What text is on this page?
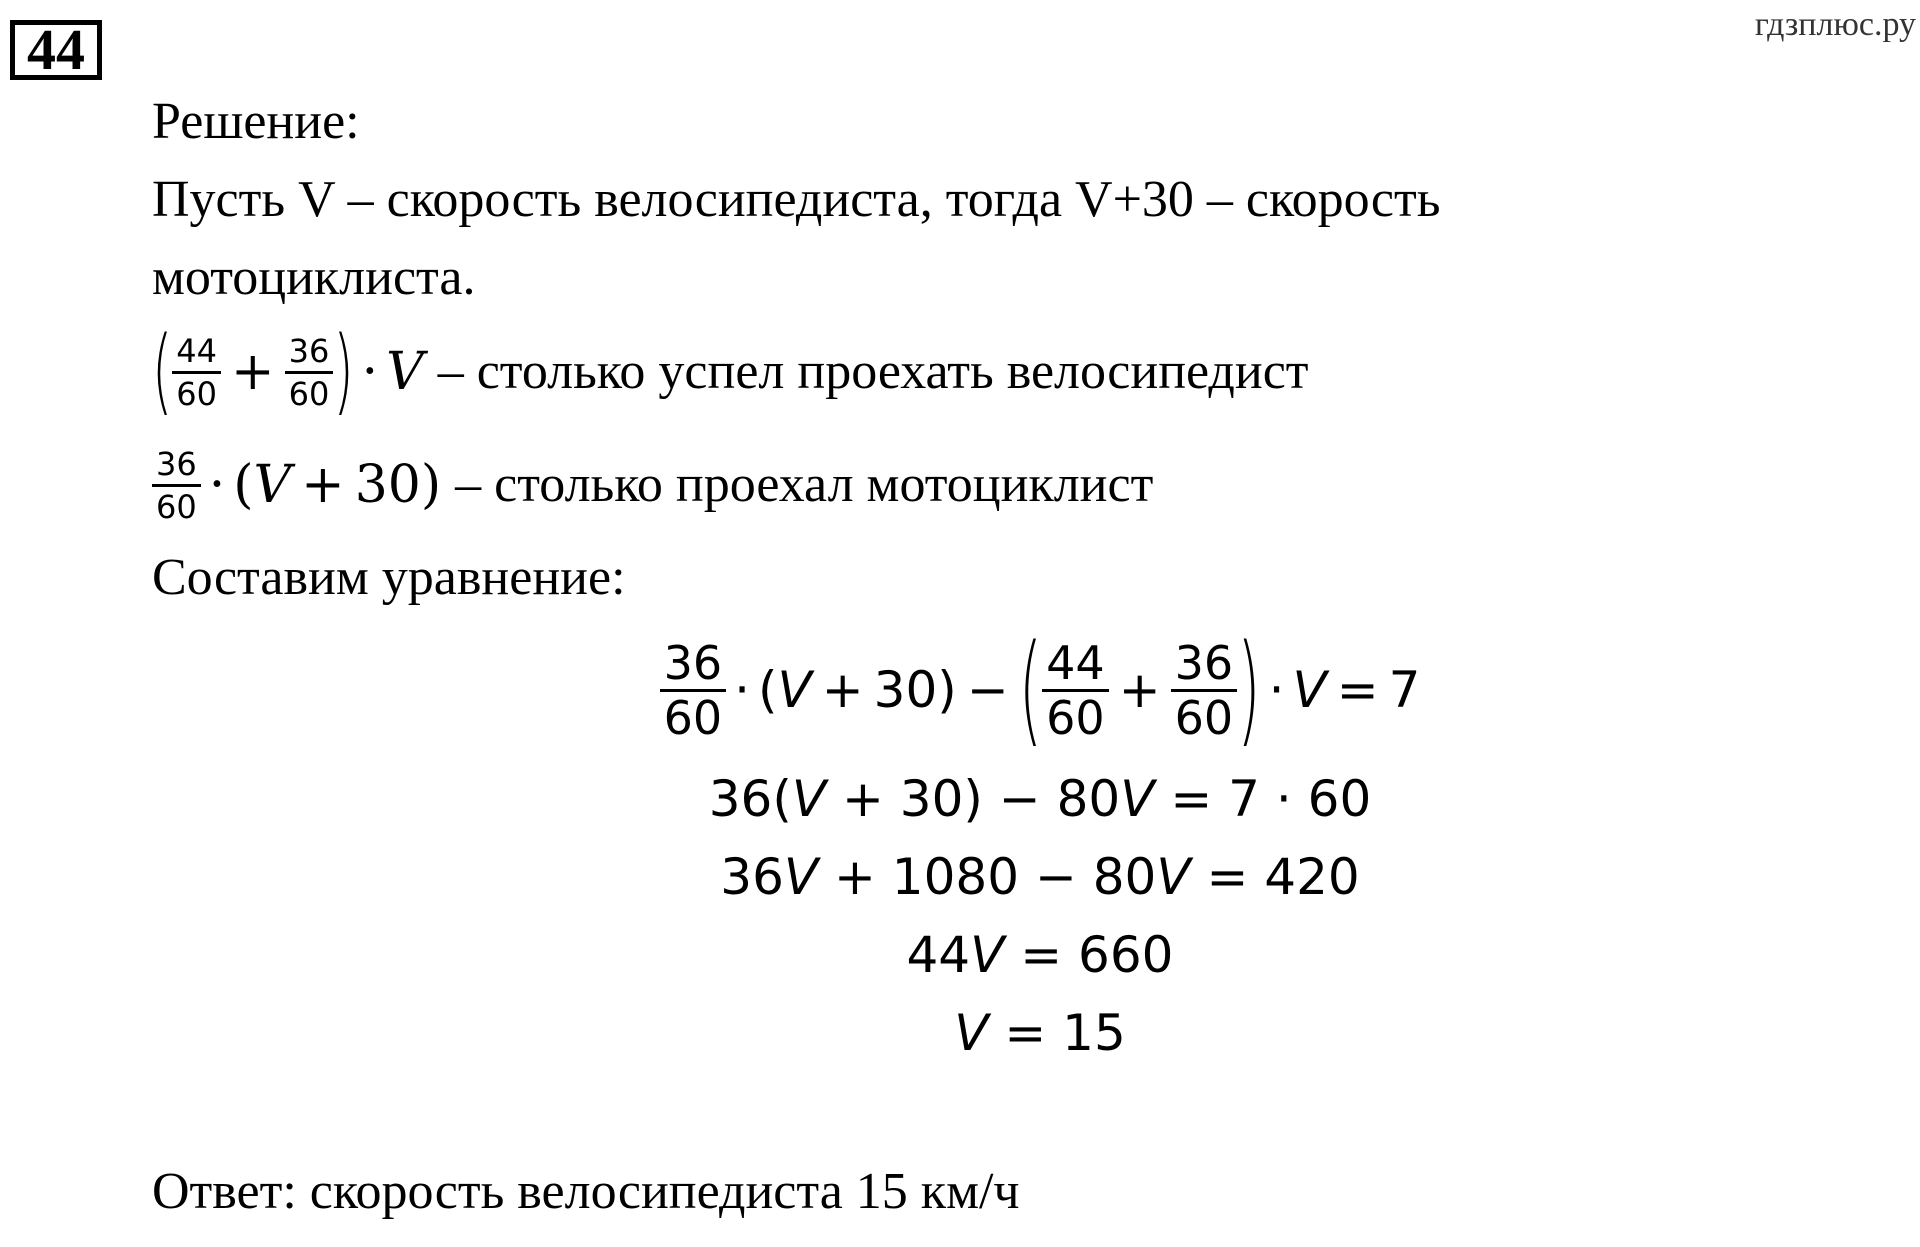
44	гдзплюс.ру
Решение:
Пусть V – скорость велосипедиста, тогда V+30 – скорость
мотоциклиста.
( $\frac{44}{60} + \frac{36}{60}$ ) · V – столько успел проехать велосипедист
$\frac{36}{60}$ · ( V + 30) – столько проехал мотоциклист
Составим уравнение:
$\frac{36}{60}$ · ( V + 30) − ( $\frac{44}{60} + \frac{36}{60}$ ) · V = 7
36(V + 30) − 80V = 7 · 60
36V + 1080 − 80V = 420
44V = 660
V = 15
Ответ: скорость велосипедиста 15 км/ч
